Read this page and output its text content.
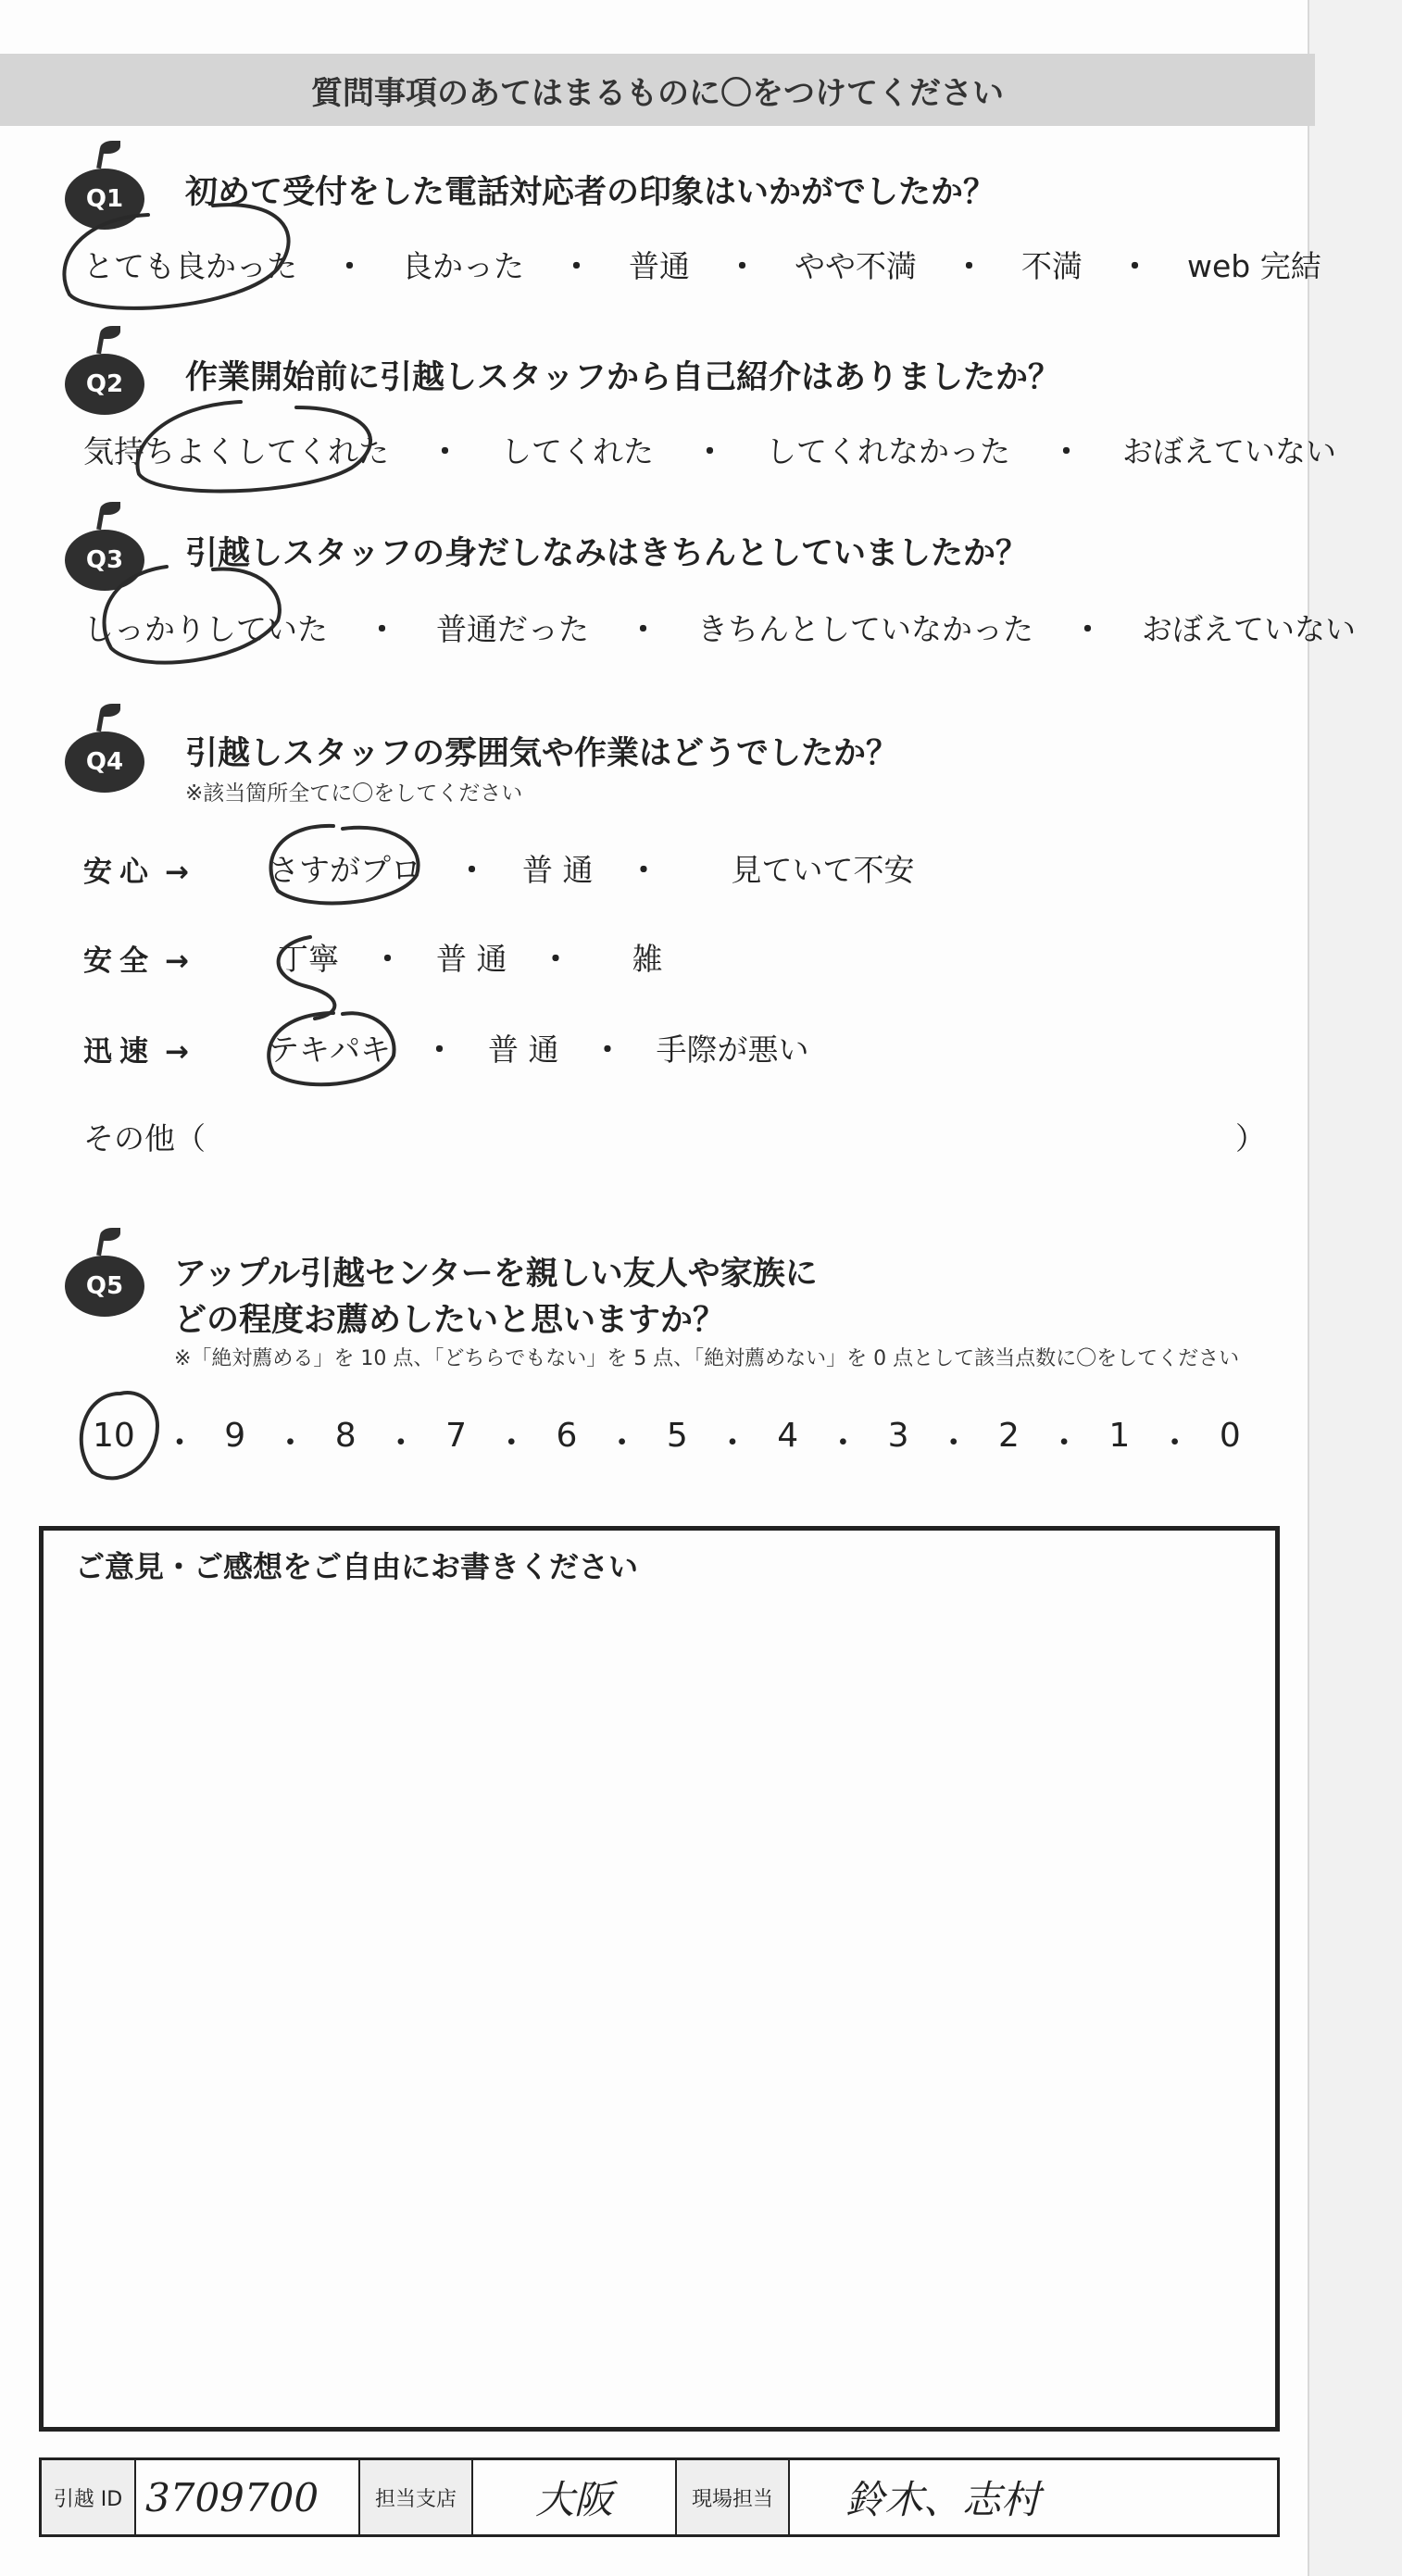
質問事項のあてはまるものに〇をつけてください
Q1	初めて受付をした電話対応者の印象はいかがでしたか？
とても良かった ・ 良かった ・ 普通 ・ やや不満 ・ 不満 ・ web 完結
Q2	作業開始前に引越しスタッフから自己紹介はありましたか？
気持ちよくしてくれた ・ してくれた ・ してくれなかった ・ おぼえていない
Q3	引越しスタッフの身だしなみはきちんとしていましたか？
しっかりしていた ・ 普通だった ・ きちんとしていなかった ・ おぼえていない
Q4	引越しスタッフの雰囲気や作業はどうでしたか？
※該当箇所全てに〇をしてください
安心 →	さすがプロ ・ 普 通 ・ 見ていて不安
安全 →	丁寧 ・ 普 通 ・ 雑
迅速 →	テキパキ ・ 普 通 ・ 手際が悪い
その他（	）
Q5	アップル引越センターを親しい友人や家族に
どの程度お薦めしたいと思いますか？
※「絶対薦める」を 10 点、「どちらでもない」を 5 点、「絶対薦めない」を 0 点として該当点数に〇をしてください
10 ・ 9 ・ 8 ・ 7 ・ 6 ・ 5 ・ 4 ・ 3 ・ 2 ・ 1 ・ 0
ご意見・ご感想をご自由にお書きください
引越 ID 3709700	担当支店	大阪	現場担当	鈴木、志村
